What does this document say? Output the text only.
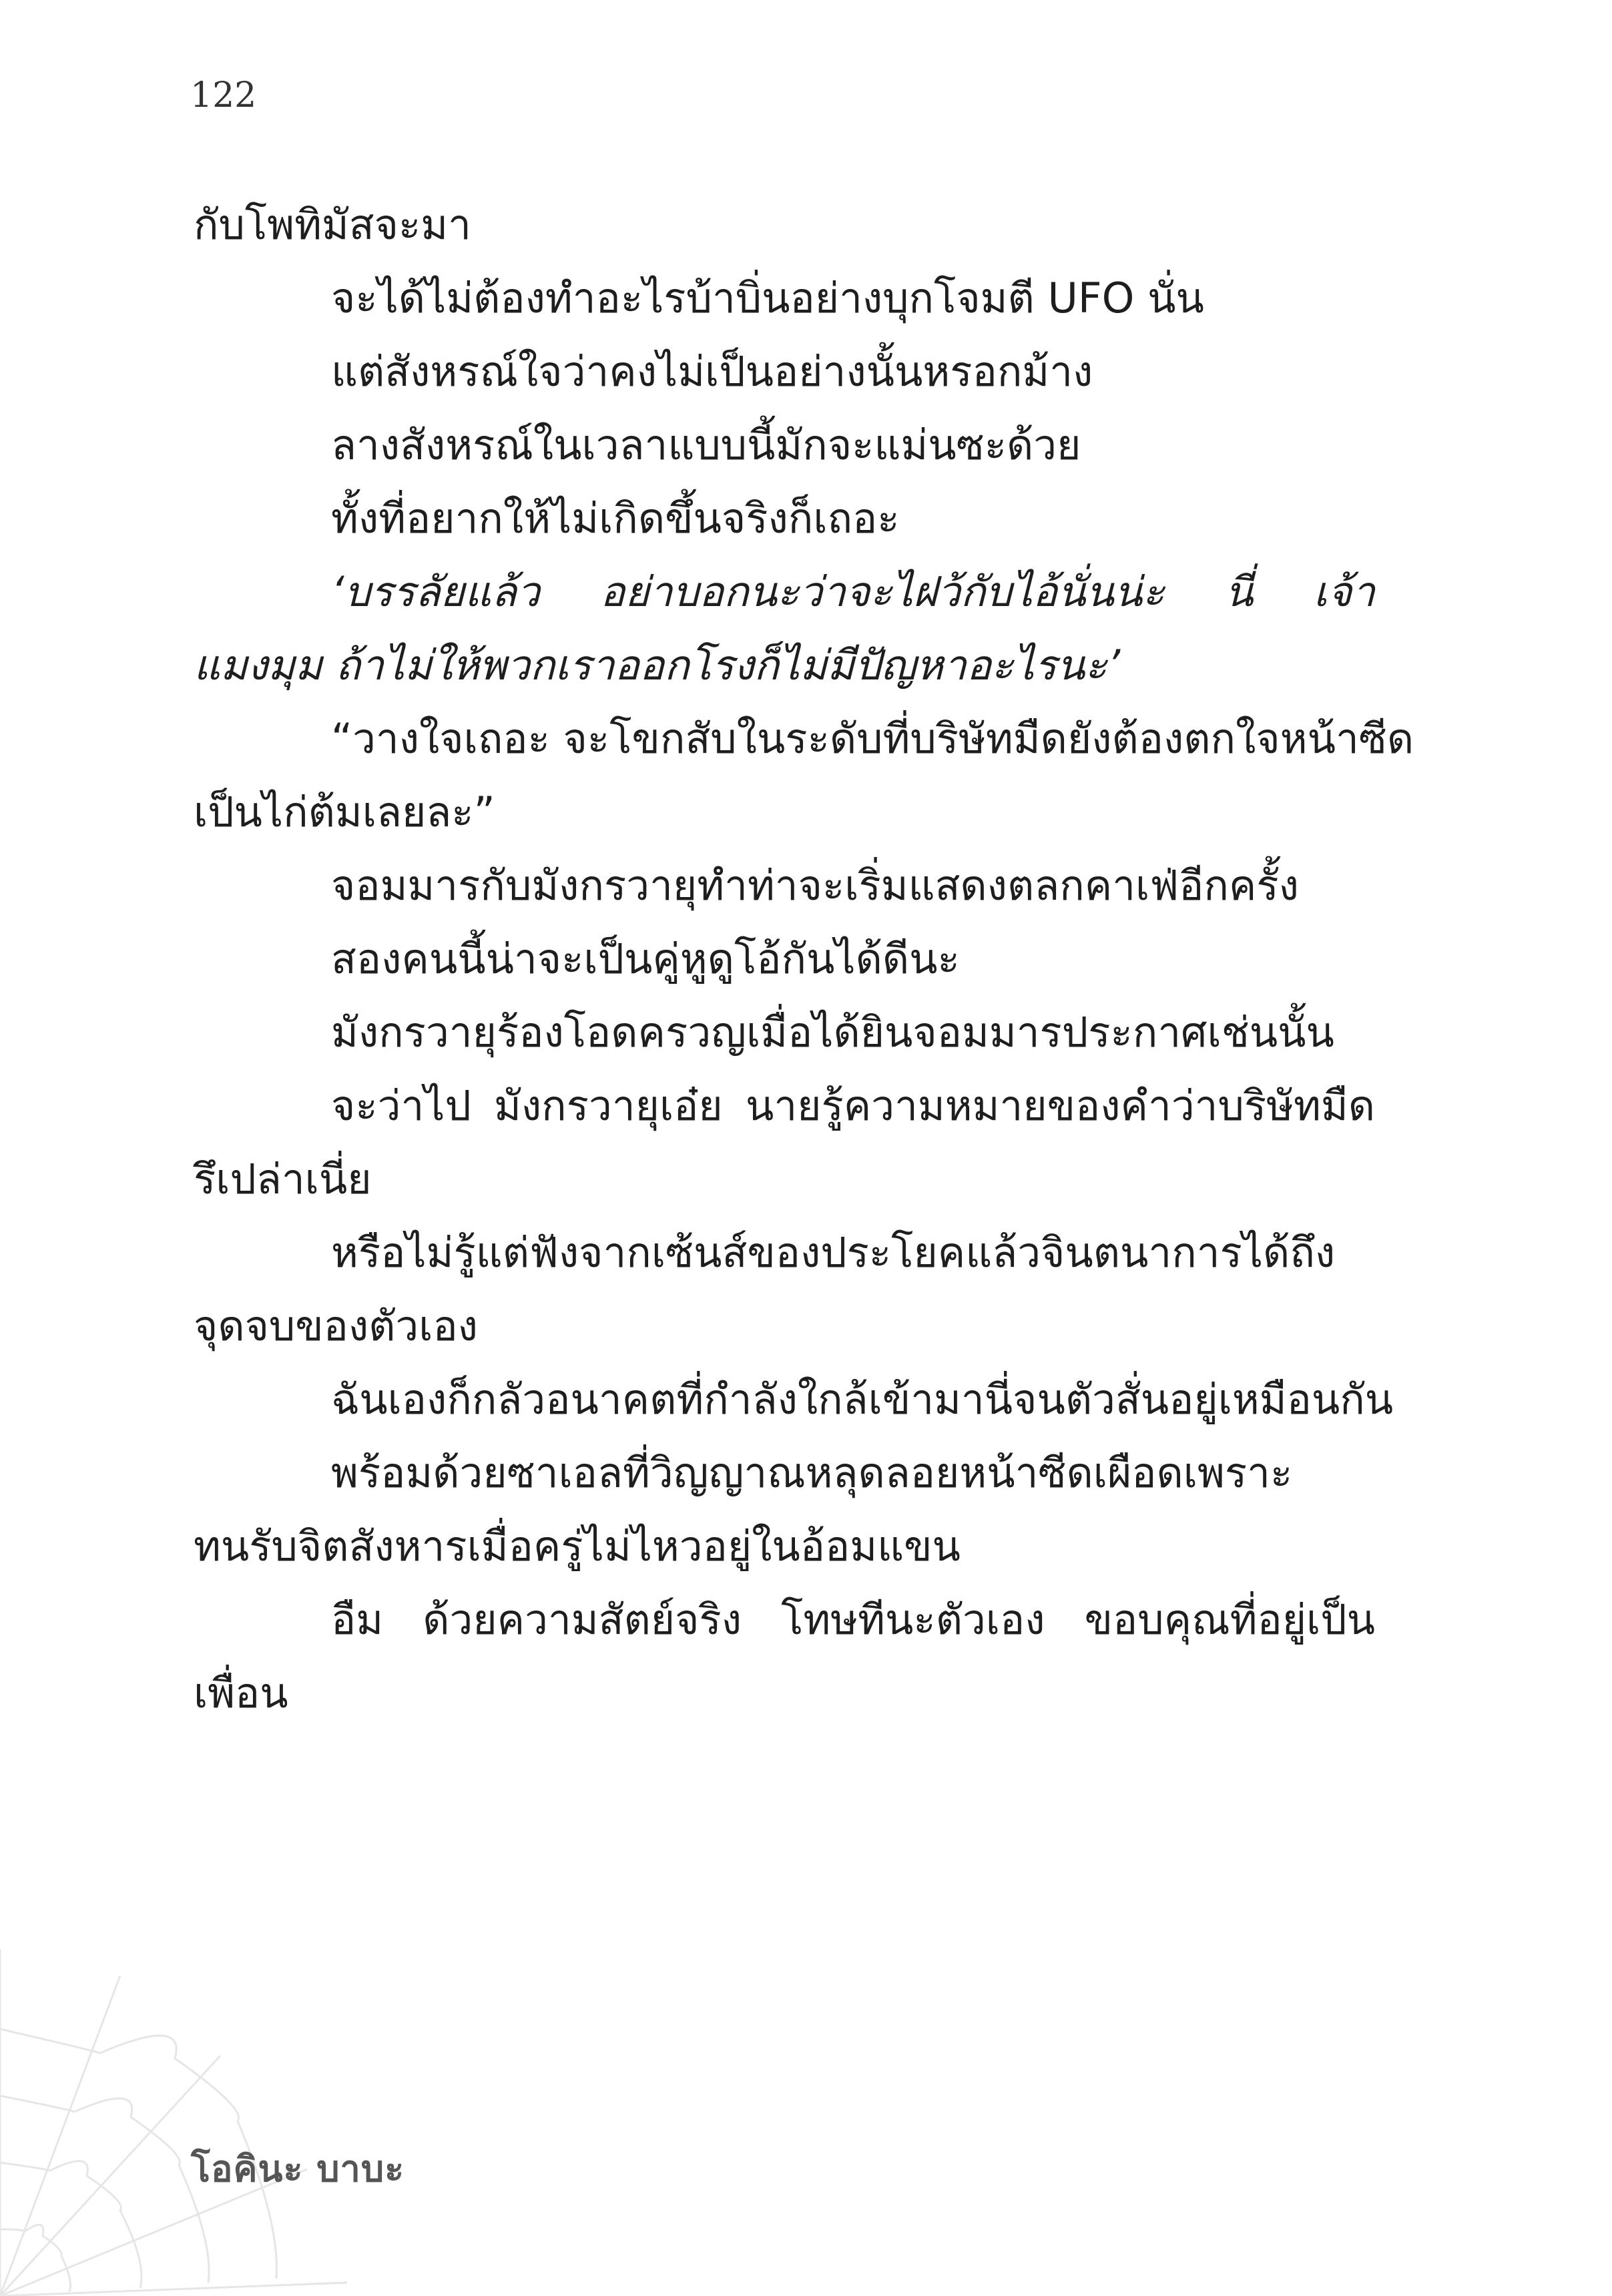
122
กับโพทิมัสจะมา
จะได้ไม่ต้องทำอะไรบ้าบิ่นอย่างบุกโจมตี UFO นั่น
แต่สังหรณ์ใจว่าคงไม่เป็นอย่างนั้นหรอกม้าง
ลางสังหรณ์ในเวลาแบบนี้มักจะแม่นซะด้วย
ทั้งที่อยากให้ไม่เกิดขึ้นจริงก็เถอะ
‘บรรลัยแล้ว อย่าบอกนะว่าจะไฝว้กับไอ้นั่นน่ะ นี่ เจ้า
แมงมุม ถ้าไม่ให้พวกเราออกโรงก็ไม่มีปัญหาอะไรนะ’
“วางใจเถอะ จะโขกสับในระดับที่บริษัทมืดยังต้องตกใจหน้าซีด
เป็นไก่ต้มเลยละ”
จอมมารกับมังกรวายุทำท่าจะเริ่มแสดงตลกคาเฟ่อีกครั้ง
สองคนนี้น่าจะเป็นคู่หูดูโอ้กันได้ดีนะ
มังกรวายุร้องโอดครวญเมื่อได้ยินจอมมารประกาศเช่นนั้น
จะว่าไป มังกรวายุเอ๋ย นายรู้ความหมายของคำว่าบริษัทมืด
รึเปล่าเนี่ย
หรือไม่รู้แต่ฟังจากเซ้นส์ของประโยคแล้วจินตนาการได้ถึง
จุดจบของตัวเอง
ฉันเองก็กลัวอนาคตที่กำลังใกล้เข้ามานี่จนตัวสั่นอยู่เหมือนกัน
พร้อมด้วยซาเอลที่วิญญาณหลุดลอยหน้าซีดเผือดเพราะ
ทนรับจิตสังหารเมื่อครู่ไม่ไหวอยู่ในอ้อมแขน
อืม ด้วยความสัตย์จริง โทษทีนะตัวเอง ขอบคุณที่อยู่เป็น
เพื่อน
โอคินะ บาบะ
